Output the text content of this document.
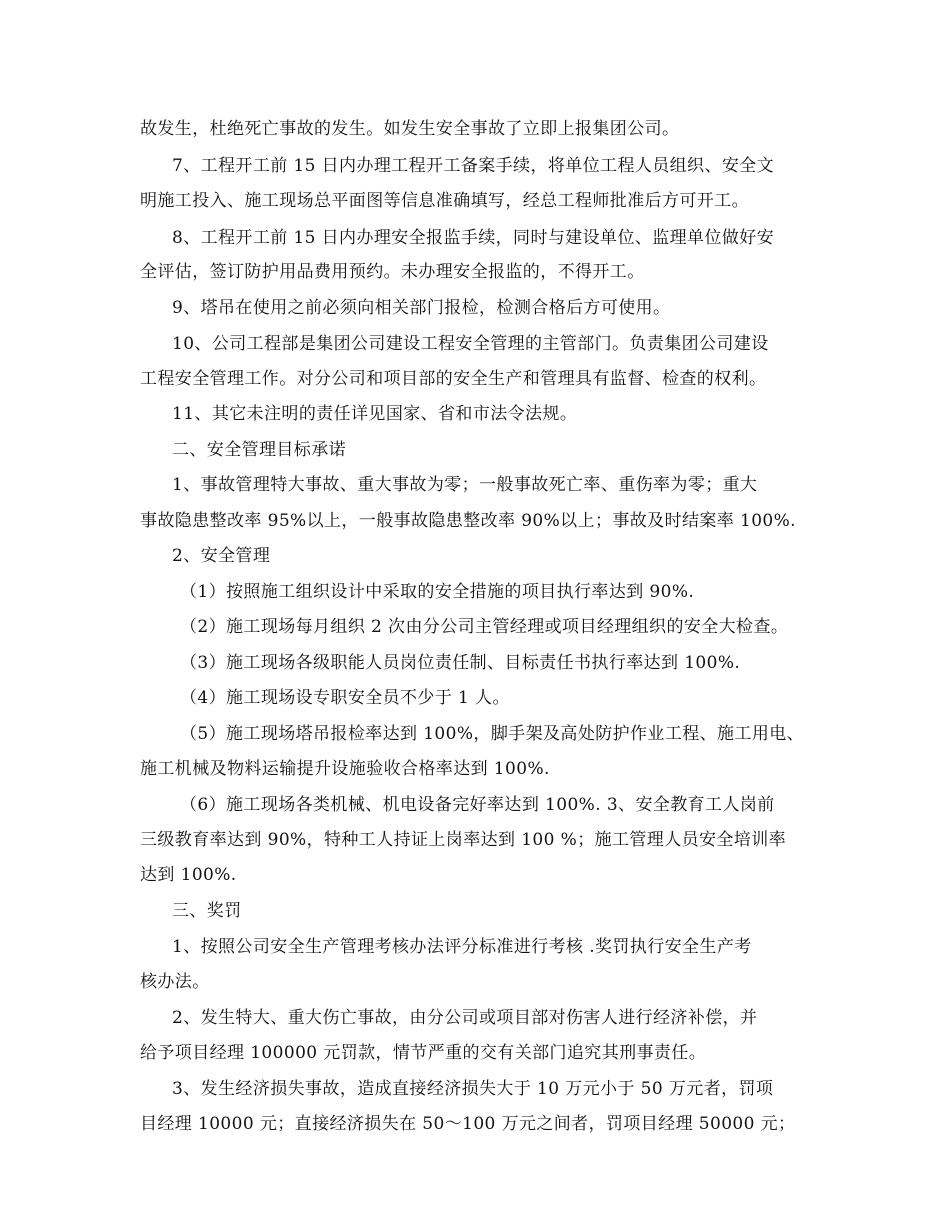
故发生，杜绝死亡事故的发生。如发生安全事故了立即上报集团公司。
7、工程开工前 15 日内办理工程开工备案手续，将单位工程人员组织、安全文
明施工投入、施工现场总平面图等信息准确填写，经总工程师批准后方可开工。
8、工程开工前 15 日内办理安全报监手续，同时与建设单位、监理单位做好安
全评估，签订防护用品费用预约。未办理安全报监的，不得开工。
9、塔吊在使用之前必须向相关部门报检，检测合格后方可使用。
10、公司工程部是集团公司建设工程安全管理的主管部门。负责集团公司建设
工程安全管理工作。对分公司和项目部的安全生产和管理具有监督、检查的权利。
11、其它未注明的责任详见国家、省和市法令法规。
二、安全管理目标承诺
1、事故管理特大事故、重大事故为零；一般事故死亡率、重伤率为零；重大
事故隐患整改率 95%以上，一般事故隐患整改率 90%以上；事故及时结案率 100%.
2、安全管理
（1）按照施工组织设计中采取的安全措施的项目执行率达到 90%.
（2）施工现场每月组织 2 次由分公司主管经理或项目经理组织的安全大检查。
（3）施工现场各级职能人员岗位责任制、目标责任书执行率达到 100%.
（4）施工现场设专职安全员不少于 1 人。
（5）施工现场塔吊报检率达到 100%，脚手架及高处防护作业工程、施工用电、
施工机械及物料运输提升设施验收合格率达到 100%.
（6）施工现场各类机械、机电设备完好率达到 100%. 3、安全教育工人岗前
三级教育率达到 90%，特种工人持证上岗率达到 100 %；施工管理人员安全培训率
达到 100%.
三、奖罚
1、按照公司安全生产管理考核办法评分标准进行考核 .奖罚执行安全生产考
核办法。
2、发生特大、重大伤亡事故，由分公司或项目部对伤害人进行经济补偿，并
给予项目经理 100000 元罚款，情节严重的交有关部门追究其刑事责任。
3、发生经济损失事故，造成直接经济损失大于 10 万元小于 50 万元者，罚项
目经理 10000 元；直接经济损失在 50～100 万元之间者，罚项目经理 50000 元；
